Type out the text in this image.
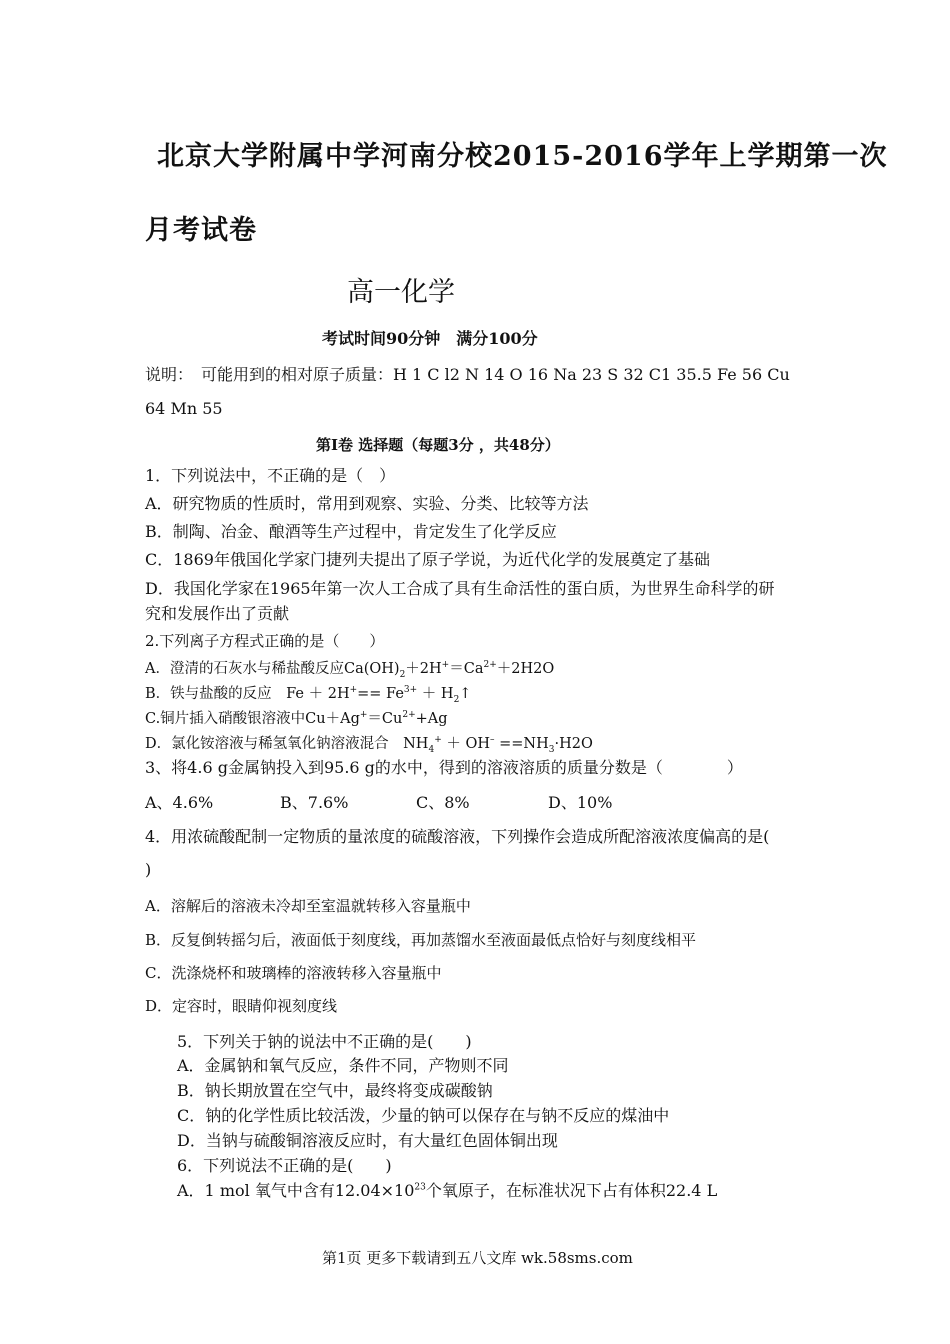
北京大学附属中学河南分校2015-2016学年上学期第一次
月考试卷
高一化学
考试时间90分钟　满分100分
说明：　可能用到的相对原子质量：H 1 C l2 N 14 O 16 Na 23 S 32 C1 35.5 Fe 56 Cu
64 Mn 55
第Ⅰ卷 选择题（每题3分 ，共48分）
1．下列说法中，不正确的是（　）
A．研究物质的性质时，常用到观察、实验、分类、比较等方法
B．制陶、冶金、酿酒等生产过程中，肯定发生了化学反应
C．1869年俄国化学家门捷列夫提出了原子学说，为近代化学的发展奠定了基础
D．我国化学家在1965年第一次人工合成了具有生命活性的蛋白质，为世界生命科学的研
究和发展作出了贡献
2.下列离子方程式正确的是（　　）
A．澄清的石灰水与稀盐酸反应$Ca(OH)_2+2H^+=Ca^{2+}+2H2O$
B．铁与盐酸的反应　$Fe + 2H^+== Fe^{3+}$ ＋ $H_2↑$
C.铜片插入硝酸银溶液中$Cu+Ag^+=Cu^{2+}+Ag$
D．氯化铵溶液与稀氢氧化钠溶液混合　$NH_4^+ + OH^- ==NH_3\cdot H2O$
3、将4.6 g金属钠投入到95.6 g的水中，得到的溶液溶质的质量分数是（　　　　）
A、4.6%	B、7.6%	C、8%	D、10%
4．用浓硫酸配制一定物质的量浓度的硫酸溶液，下列操作会造成所配溶液浓度偏高的是(
)
A．溶解后的溶液未冷却至室温就转移入容量瓶中
B．反复倒转摇匀后，液面低于刻度线，再加蒸馏水至液面最低点恰好与刻度线相平
C．洗涤烧杯和玻璃棒的溶液转移入容量瓶中
D．定容时，眼睛仰视刻度线
5．下列关于钠的说法中不正确的是(　　)
A．金属钠和氧气反应，条件不同，产物则不同
B．钠长期放置在空气中，最终将变成碳酸钠
C．钠的化学性质比较活泼，少量的钠可以保存在与钠不反应的煤油中
D．当钠与硫酸铜溶液反应时，有大量红色固体铜出现
6．下列说法不正确的是(　　)
A．1 mol 氧气中含有$12.04\times 10^{23}$个氧原子，在标准状况下占有体积22.4 L
第1页 更多下载请到五八文库 wk.58sms.com
